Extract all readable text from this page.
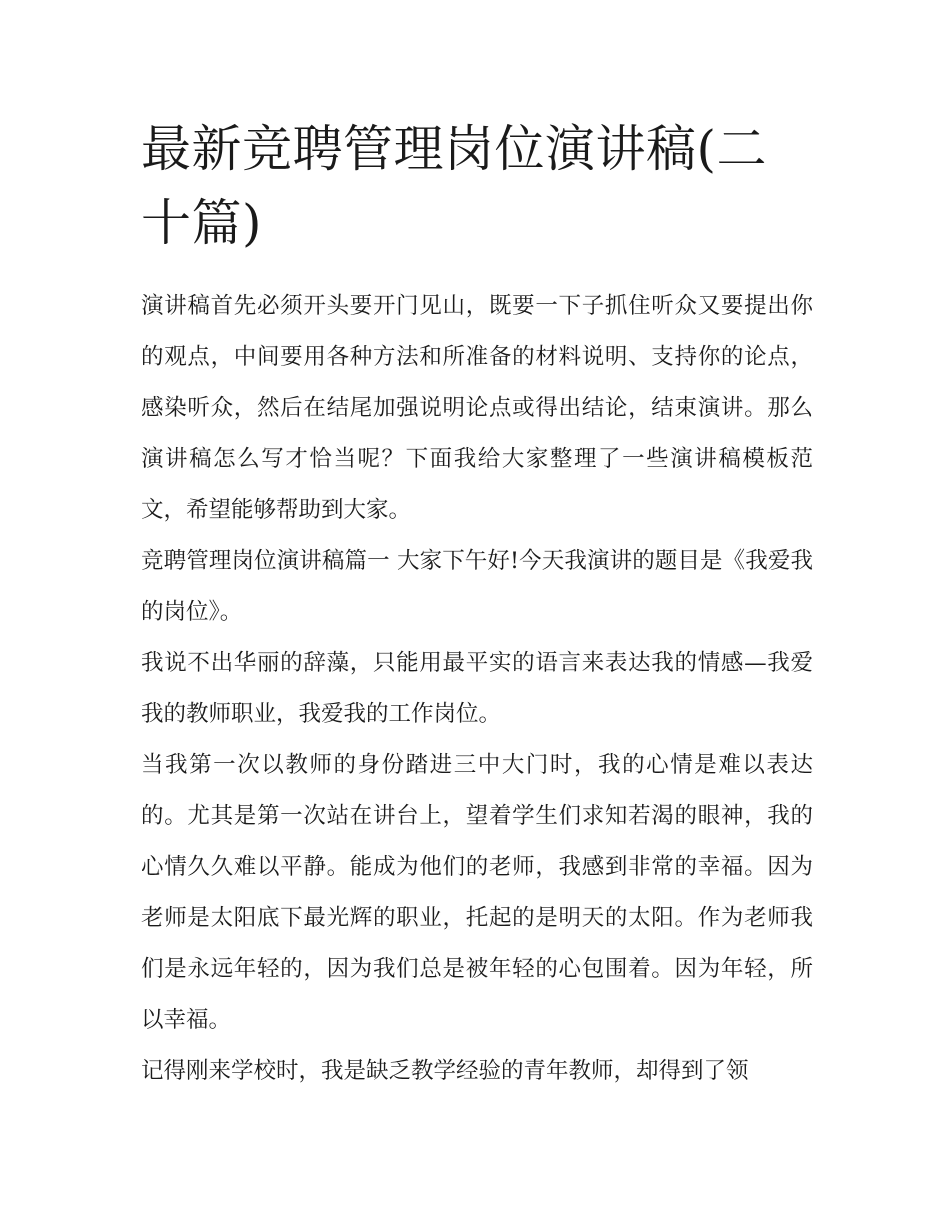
最新竞聘管理岗位演讲稿(二十篇)

演讲稿首先必须开头要开门见山，既要一下子抓住听众又要提出你的观点，中间要用各种方法和所准备的材料说明、支持你的论点，感染听众，然后在结尾加强说明论点或得出结论，结束演讲。那么演讲稿怎么写才恰当呢？下面我给大家整理了一些演讲稿模板范文，希望能够帮助到大家。

竞聘管理岗位演讲稿篇一 大家下午好!今天我演讲的题目是《我爱我的岗位》。

我说不出华丽的辞藻，只能用最平实的语言来表达我的情感—我爱我的教师职业，我爱我的工作岗位。

当我第一次以教师的身份踏进三中大门时，我的心情是难以表达的。尤其是第一次站在讲台上，望着学生们求知若渴的眼神，我的心情久久难以平静。能成为他们的老师，我感到非常的幸福。因为老师是太阳底下最光辉的职业，托起的是明天的太阳。作为老师我们是永远年轻的，因为我们总是被年轻的心包围着。因为年轻，所以幸福。

记得刚来学校时，我是缺乏教学经验的青年教师，却得到了领
